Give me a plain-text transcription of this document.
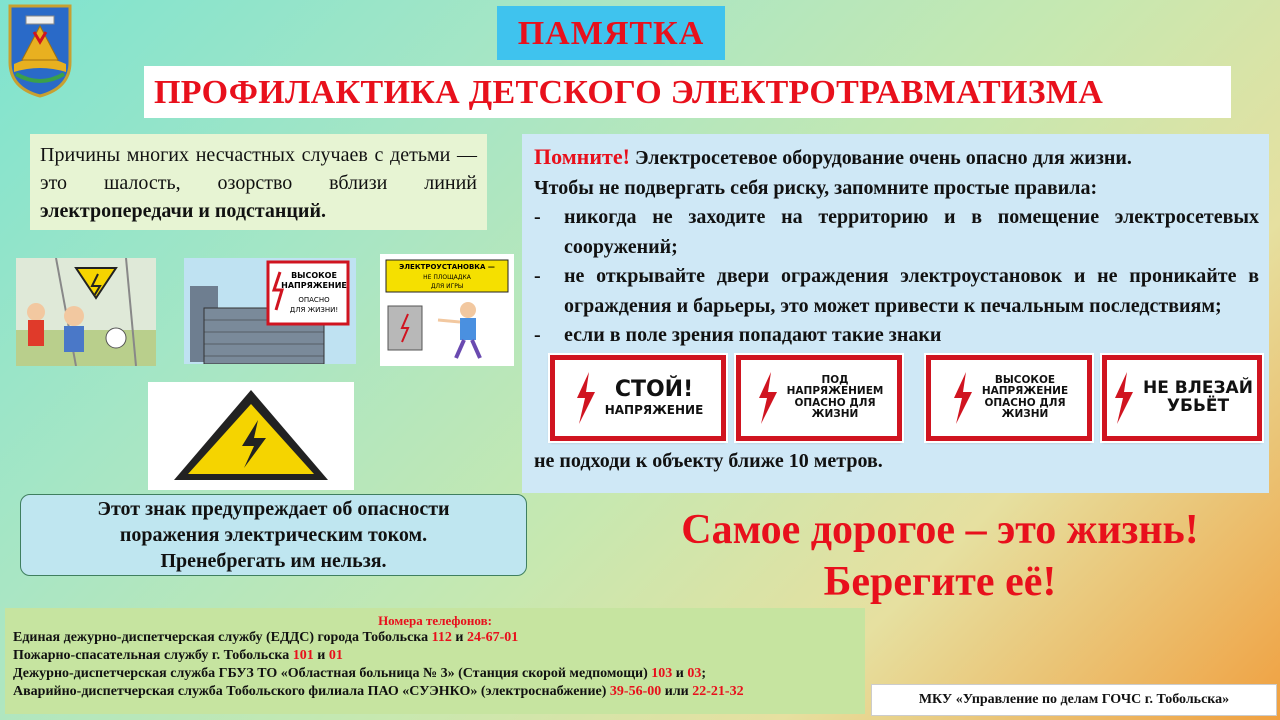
ПАМЯТКА
ПРОФИЛАКТИКА ДЕТСКОГО ЭЛЕКТРОТРАВМАТИЗМА
Причины многих несчастных случаев с детьми — это шалость, озорство вблизи линий электропередачи и подстанций.
ВЫСОКОЕ
НАПРЯЖЕНИЕ
ОПАСНО
ДЛЯ ЖИЗНИ!
ЭЛЕКТРОУСТАНОВКА —
НЕ ПЛОЩАДКА
ДЛЯ ИГРЫ
Помните! Электросетевое оборудование очень опасно для жизни.
Чтобы не подвергать себя риску, запомните простые правила:
- никогда не заходите на территорию и в помещение электросетевых сооружений;
- не открывайте двери ограждения электроустановок и не проникайте в ограждения и барьеры, это может привести к печальным последствиям;
- если в поле зрения попадают такие знаки
СТОЙ!
НАПРЯЖЕНИЕ
ПОД
НАПРЯЖЕНИЕМ
ОПАСНО ДЛЯ
ЖИЗНИ
ВЫСОКОЕ
НАПРЯЖЕНИЕ
ОПАСНО ДЛЯ
ЖИЗНИ
НЕ ВЛЕЗАЙ
УБЬЁТ
не подходи к объекту ближе 10 метров.
Этот знак предупреждает об опасности
поражения электрическим током.
Пренебрегать им нельзя.
Самое дорогое – это жизнь!
Берегите её!
Номера телефонов:
Единая дежурно-диспетчерская службу (ЕДДС) города Тобольска 112 и 24-67-01
Пожарно-спасательная службу г. Тобольска 101 и 01
Дежурно-диспетчерская служба ГБУЗ ТО «Областная больница № 3» (Станция скорой медпомощи) 103 и 03;
Аварийно-диспетчерская служба Тобольского филиала ПАО «СУЭНКО» (электроснабжение) 39-56-00 или 22-21-32
МКУ «Управление по делам ГОЧС г. Тобольска»
